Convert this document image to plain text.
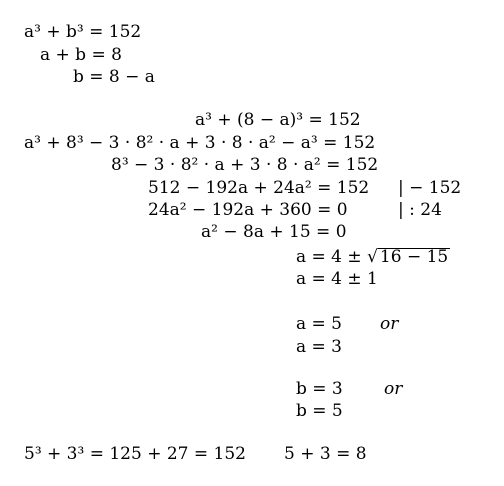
a³ + b³ = 152
a + b = 8
b = 8 − a
a³ + (8 − a)³ = 152
a³ + 8³ − 3 · 8² · a + 3 · 8 · a² − a³ = 152
8³ − 3 · 8² · a + 3 · 8 · a² = 152
512 − 192a + 24a² = 152 | − 152
24a² − 192a + 360 = 0	| : 24
a² − 8a + 15 = 0
a = 4 ± √ 16 − 15
a = 4 ± 1
a = 5 or
a = 3
b = 3 or
b = 5
5³ + 3³ = 125 + 27 = 152 5 + 3 = 8
